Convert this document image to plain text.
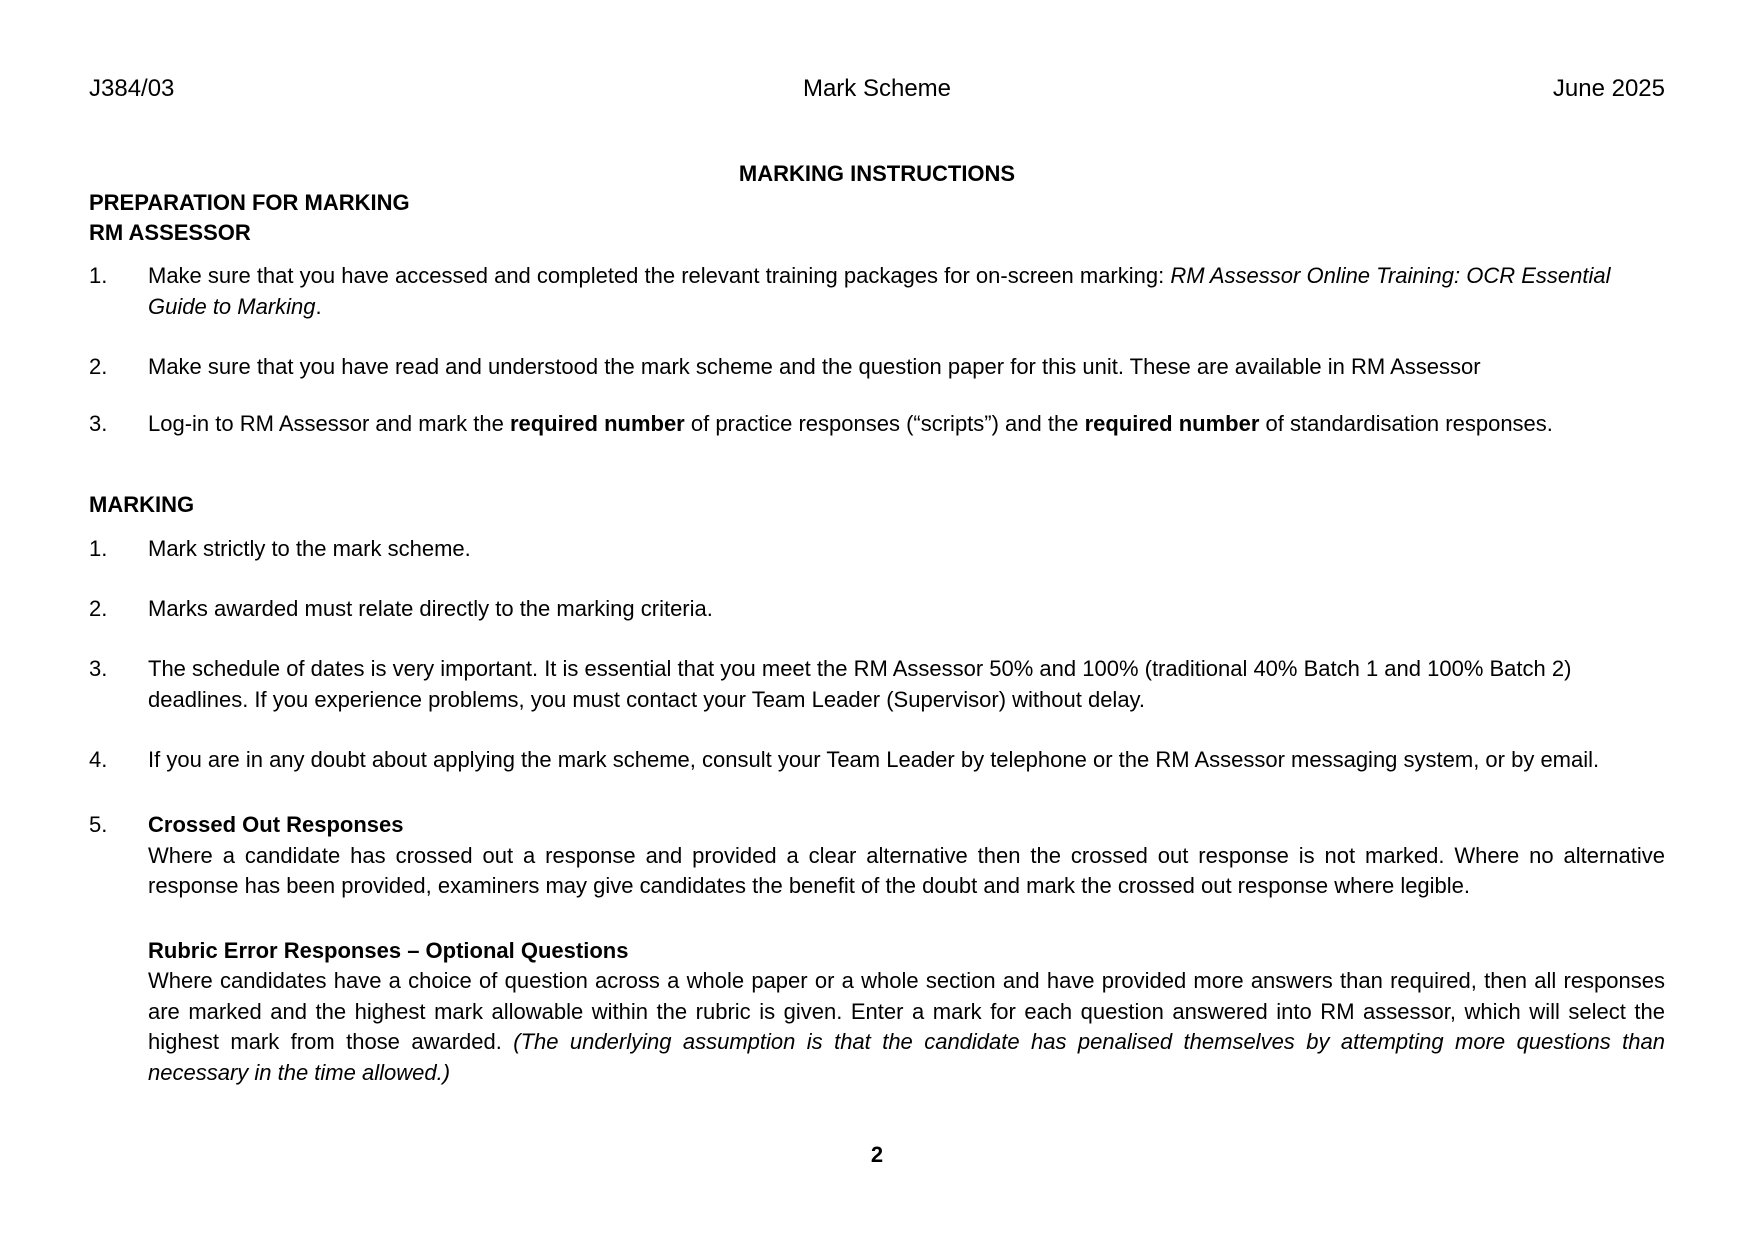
J384/03	Mark Scheme	June 2025
MARKING INSTRUCTIONS
PREPARATION FOR MARKING
RM ASSESSOR
1. Make sure that you have accessed and completed the relevant training packages for on-screen marking: RM Assessor Online Training: OCR Essential Guide to Marking.
2. Make sure that you have read and understood the mark scheme and the question paper for this unit. These are available in RM Assessor
3. Log-in to RM Assessor and mark the required number of practice responses (“scripts”) and the required number of standardisation responses.
MARKING
1. Mark strictly to the mark scheme.
2. Marks awarded must relate directly to the marking criteria.
3. The schedule of dates is very important. It is essential that you meet the RM Assessor 50% and 100% (traditional 40% Batch 1 and 100% Batch 2) deadlines. If you experience problems, you must contact your Team Leader (Supervisor) without delay.
4. If you are in any doubt about applying the mark scheme, consult your Team Leader by telephone or the RM Assessor messaging system, or by email.
5. Crossed Out Responses
Where a candidate has crossed out a response and provided a clear alternative then the crossed out response is not marked. Where no alternative response has been provided, examiners may give candidates the benefit of the doubt and mark the crossed out response where legible.
Rubric Error Responses – Optional Questions
Where candidates have a choice of question across a whole paper or a whole section and have provided more answers than required, then all responses are marked and the highest mark allowable within the rubric is given. Enter a mark for each question answered into RM assessor, which will select the highest mark from those awarded. (The underlying assumption is that the candidate has penalised themselves by attempting more questions than necessary in the time allowed.)
2
